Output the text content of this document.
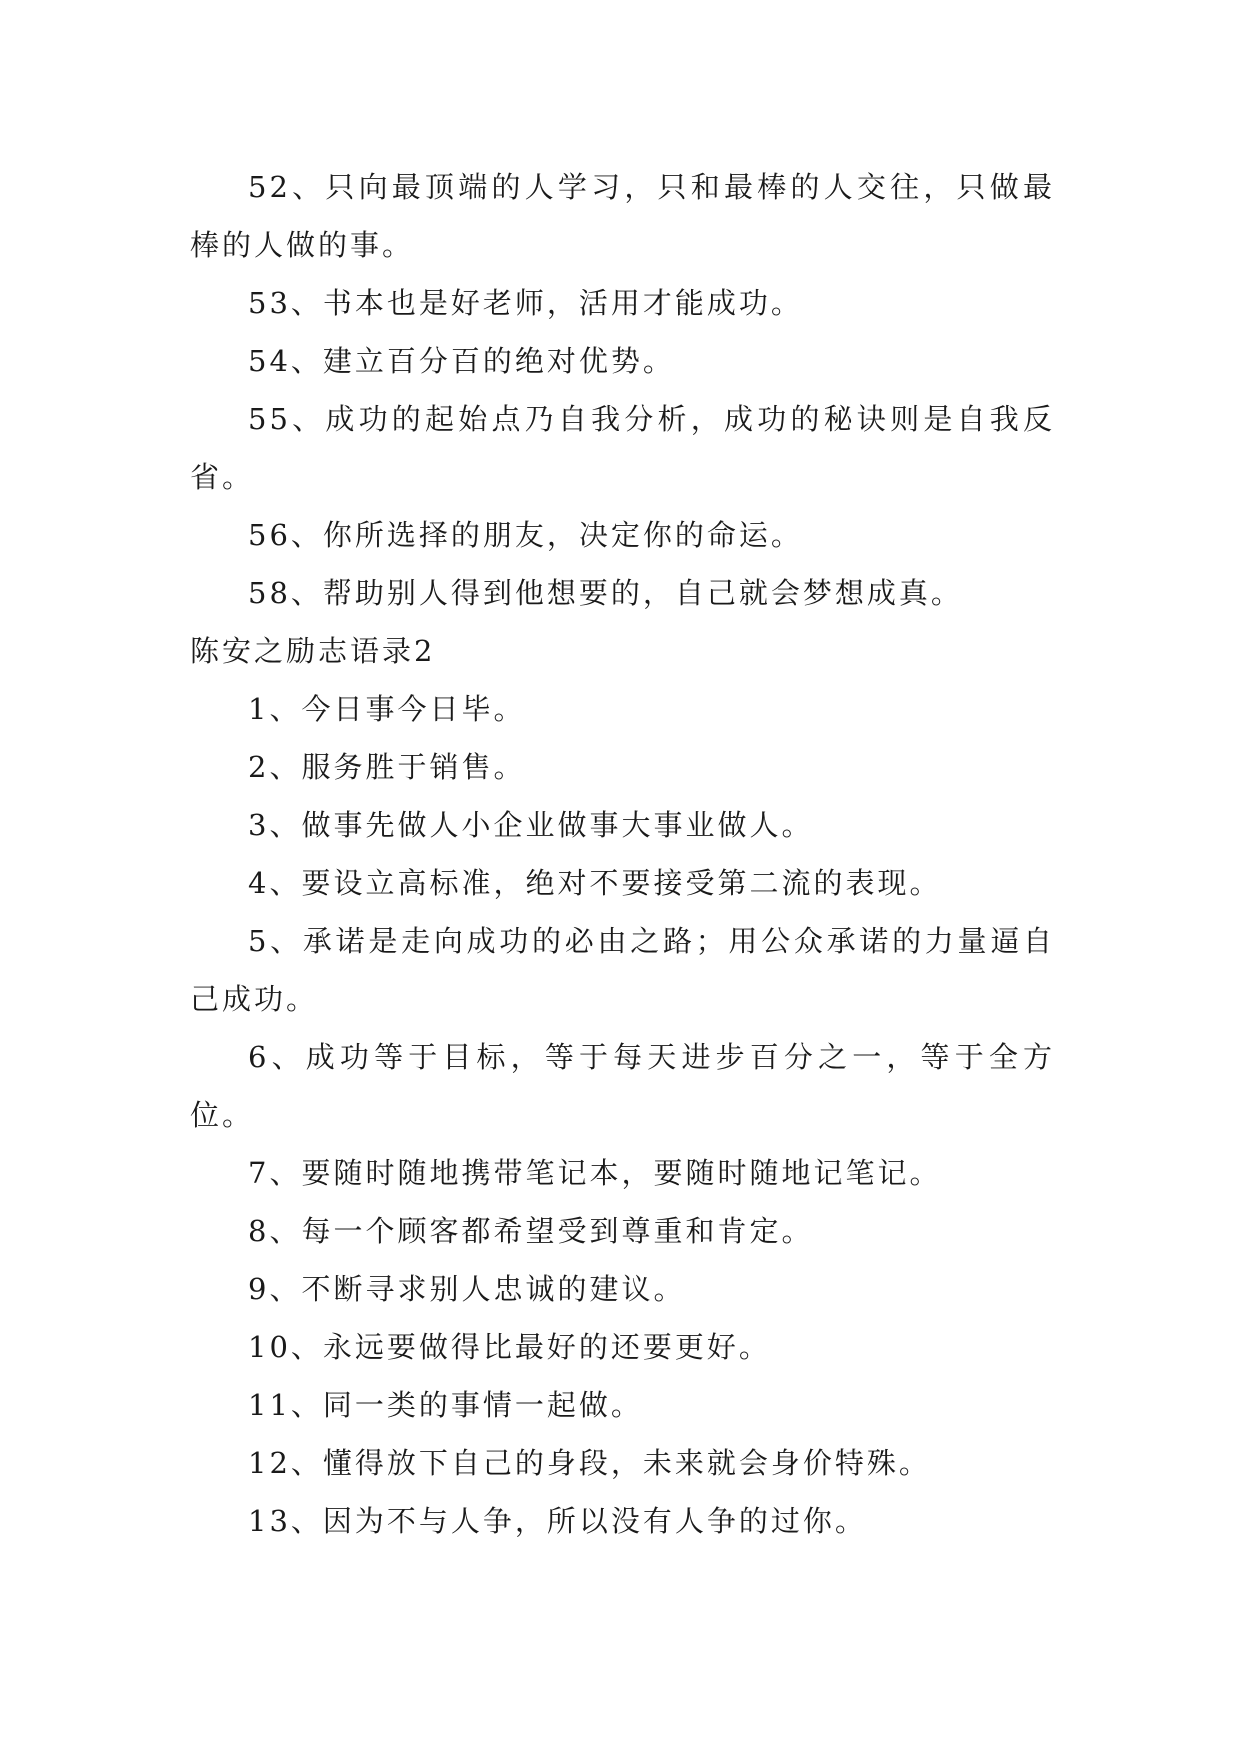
52、只向最顶端的人学习，只和最棒的人交往，只做最棒的人做的事。

53、书本也是好老师，活用才能成功。

54、建立百分百的绝对优势。

55、成功的起始点乃自我分析，成功的秘诀则是自我反省。

56、你所选择的朋友，决定你的命运。

58、帮助别人得到他想要的，自己就会梦想成真。

陈安之励志语录2

1、今日事今日毕。

2、服务胜于销售。

3、做事先做人小企业做事大事业做人。

4、要设立高标准，绝对不要接受第二流的表现。

5、承诺是走向成功的必由之路；用公众承诺的力量逼自己成功。

6、成功等于目标，等于每天进步百分之一，等于全方位。

7、要随时随地携带笔记本，要随时随地记笔记。

8、每一个顾客都希望受到尊重和肯定。

9、不断寻求别人忠诚的建议。

10、永远要做得比最好的还要更好。

11、同一类的事情一起做。

12、懂得放下自己的身段，未来就会身价特殊。

13、因为不与人争，所以没有人争的过你。
